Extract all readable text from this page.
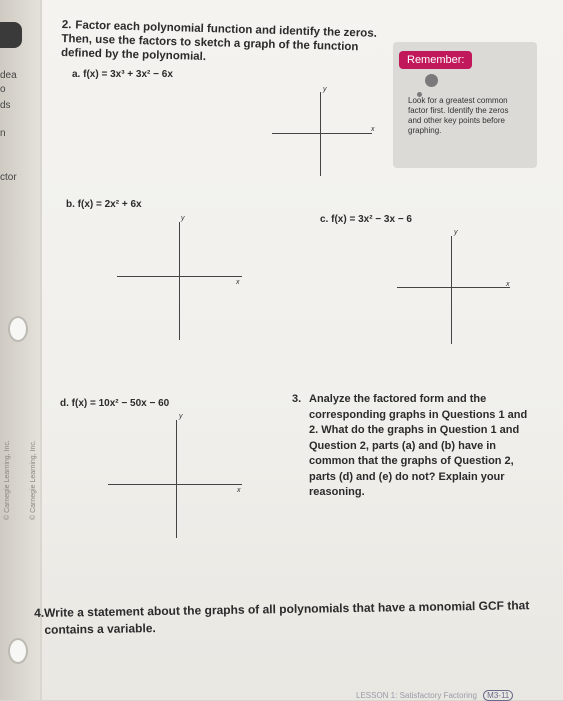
dea
o
ds
n
ctor
© Carnegie Learning, Inc.	© Carnegie Learning, Inc.
2. Factor each polynomial function and identify the zeros. Then, use the factors to sketch a graph of the function defined by the polynomial.
a. f(x) = 3x³ + 3x² − 6x
y
x
Remember:
Look for a greatest common factor first. Identify the zeros and other key points before graphing.
b. f(x) = 2x² + 6x
y
x
c. f(x) = 3x² − 3x − 6
y
x
d. f(x) = 10x² − 50x − 60
y
x
3. Analyze the factored form and the corresponding graphs in Questions 1 and 2. What do the graphs in Question 1 and Question 2, parts (a) and (b) have in common that the graphs of Question 2, parts (d) and (e) do not? Explain your reasoning.
4. Write a statement about the graphs of all polynomials that have a monomial GCF that contains a variable.
LESSON 1: Satisfactory Factoring M3-11
